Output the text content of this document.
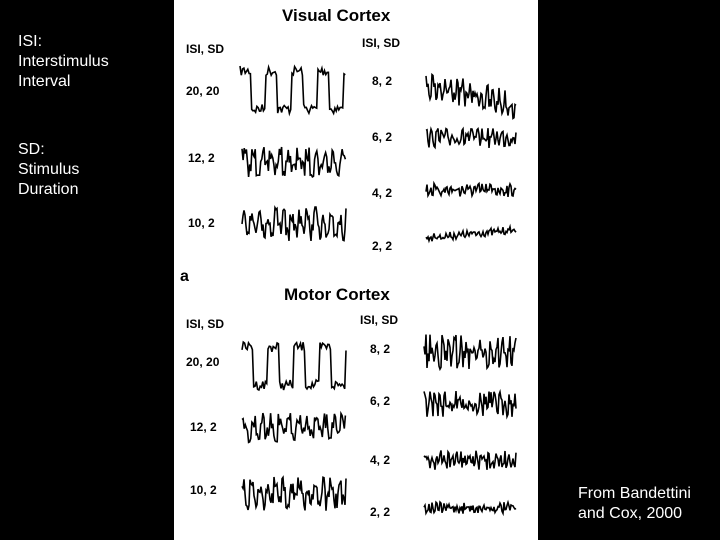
ISI:
Interstimulus
Interval
SD:
Stimulus
Duration
From Bandettini
and Cox, 2000
Visual Cortex
ISI, SD	ISI, SD
20, 20
12, 2
10, 2
8, 2
6, 2
4, 2
2, 2
a
Motor Cortex
ISI, SD	ISI, SD
20, 20
12, 2
10, 2
8, 2
6, 2
4, 2
2, 2
